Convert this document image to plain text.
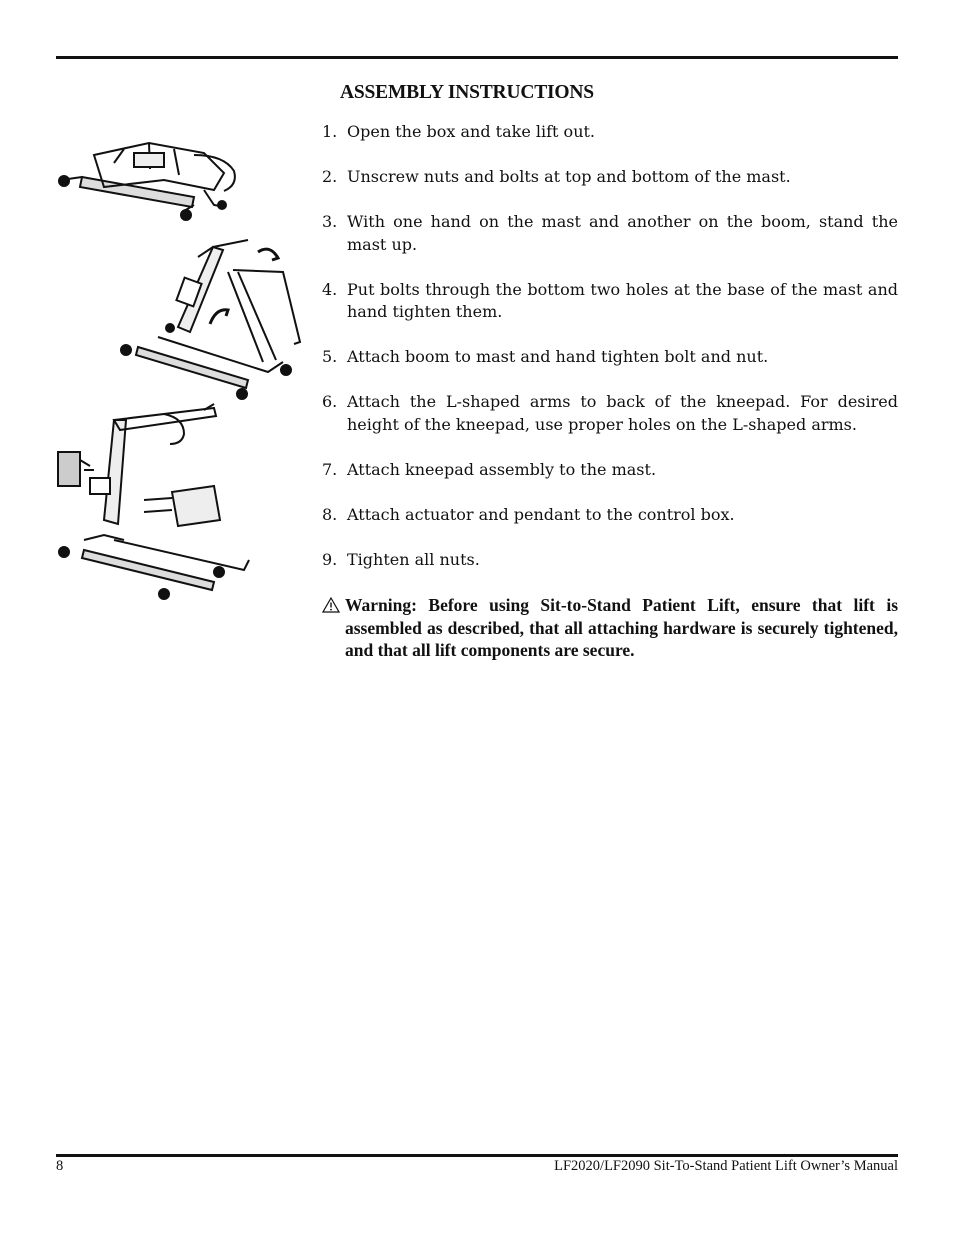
ASSEMBLY INSTRUCTIONS
1. Open the box and take lift out.
2. Unscrew nuts and bolts at top and bottom of the mast.
3. With one hand on the mast and another on the boom, stand the mast up.
4. Put bolts through the bottom two holes at the base of the mast and hand tighten them.
5. Attach boom to mast and hand tighten bolt and nut.
6. Attach the L-shaped arms to back of the kneepad. For desired height of the kneepad, use proper holes on the L-shaped arms.
7. Attach kneepad assembly to the mast.
8. Attach actuator and pendant to the control box.
9. Tighten all nuts.
Warning: Before using Sit-to-Stand Patient Lift, ensure that lift is assembled as described, that all attaching hardware is securely tightened, and that all lift components are secure.
8	LF2020/LF2090 Sit-To-Stand Patient Lift Owner’s Manual
